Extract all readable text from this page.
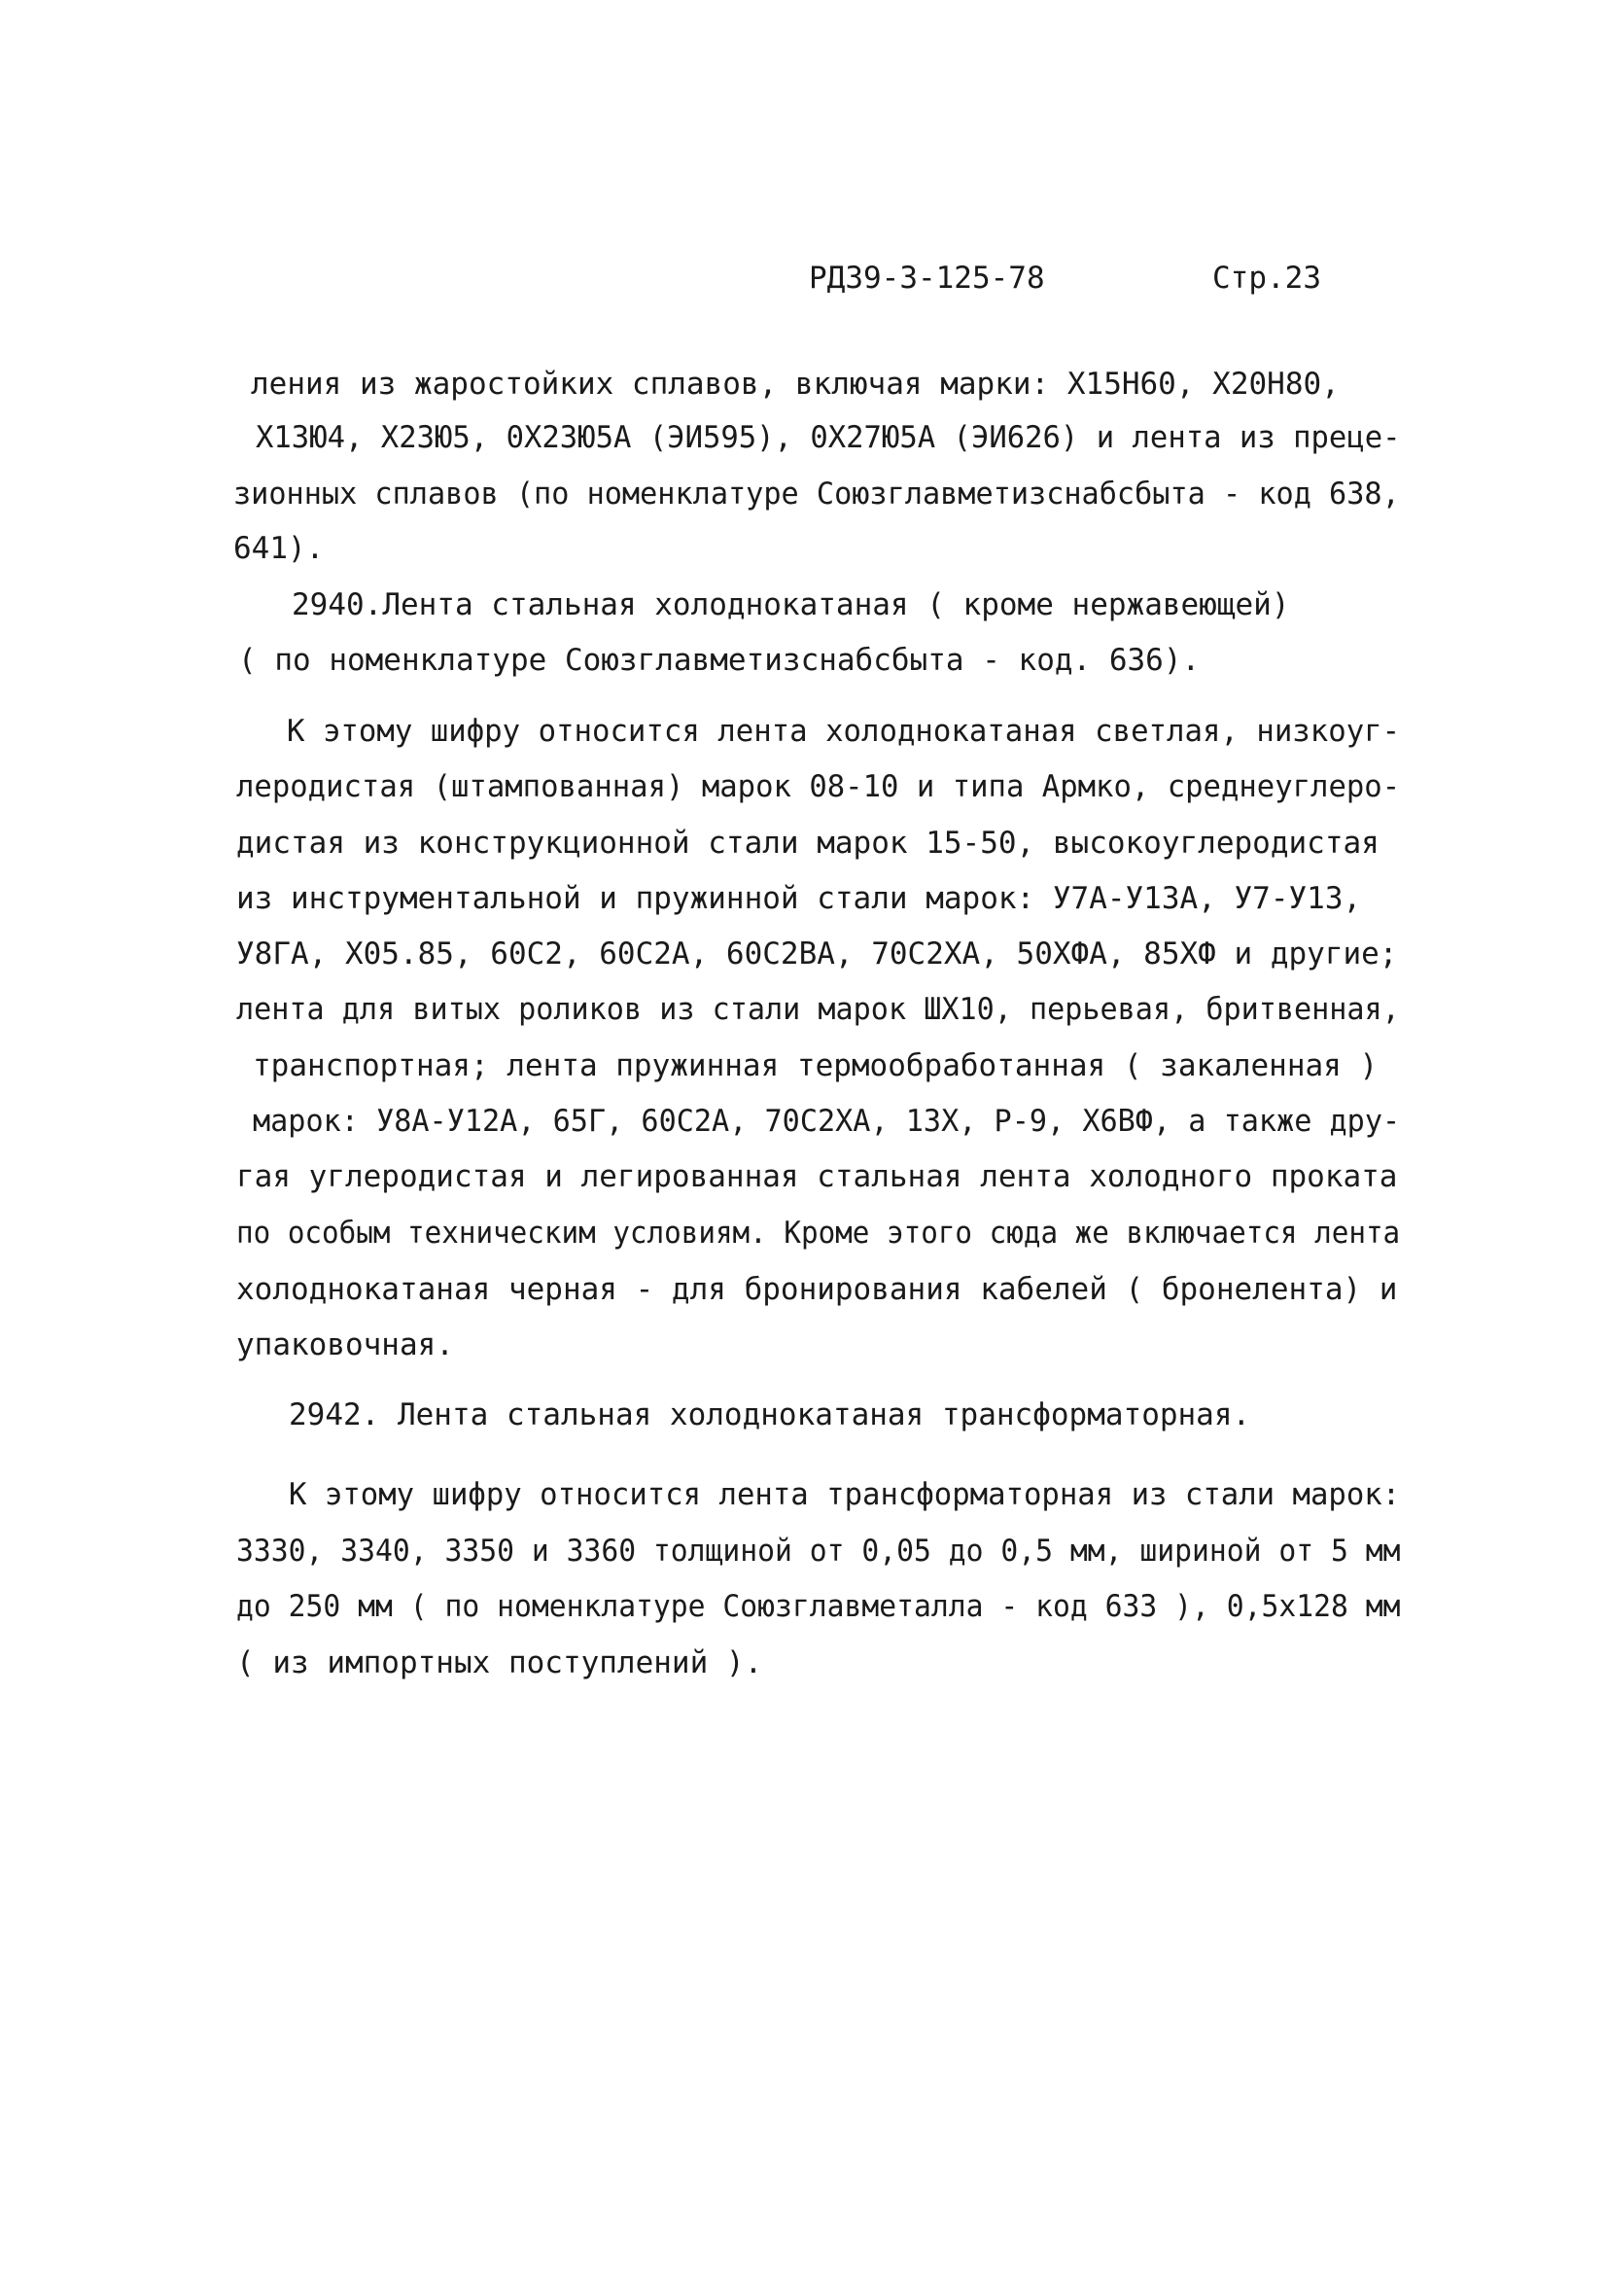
РД39-3-125-78	Стр.23
ления из жаростойких сплавов, включая марки: Х15Н60, Х20Н80,
Х13Ю4, Х23Ю5, 0Х23Ю5А (ЭИ595), 0Х27Ю5А (ЭИ626) и лента из преце-
зионных сплавов (по номенклатуре Союзглавметизснабсбыта - код 638,
641).
2940.Лента стальная холоднокатаная ( кроме нержавеющей)
( по номенклатуре Союзглавметизснабсбыта - код. 636).
К этому шифру относится лента холоднокатаная светлая, низкоуг-
леродистая (штампованная) марок 08-10 и типа Армко, среднеуглеро-
дистая из конструкционной стали марок 15-50, высокоуглеродистая
из инструментальной и пружинной стали марок: У7А-У13А, У7-У13,
У8ГА, Х05.85, 60С2, 60С2А, 60С2ВА, 70С2ХА, 50ХФА, 85ХФ и другие;
лента для витых роликов из стали марок ШХ10, перьевая, бритвенная,
транспортная; лента пружинная термообработанная ( закаленная )
марок: У8А-У12А, 65Г, 60С2А, 70С2ХА, 13Х, Р-9, Х6ВФ, а также дру-
гая углеродистая и легированная стальная лента холодного проката
по особым техническим условиям. Кроме этого сюда же включается лента
холоднокатаная черная - для бронирования кабелей ( бронелента) и
упаковочная.
2942. Лента стальная холоднокатаная трансформаторная.
К этому шифру относится лента трансформаторная из стали марок:
3330, 3340, 3350 и 3360 толщиной от 0,05 до 0,5 мм, шириной от 5 мм
до 250 мм ( по номенклатуре Союзглавметалла - код 633 ), 0,5х128 мм
( из импортных поступлений ).
